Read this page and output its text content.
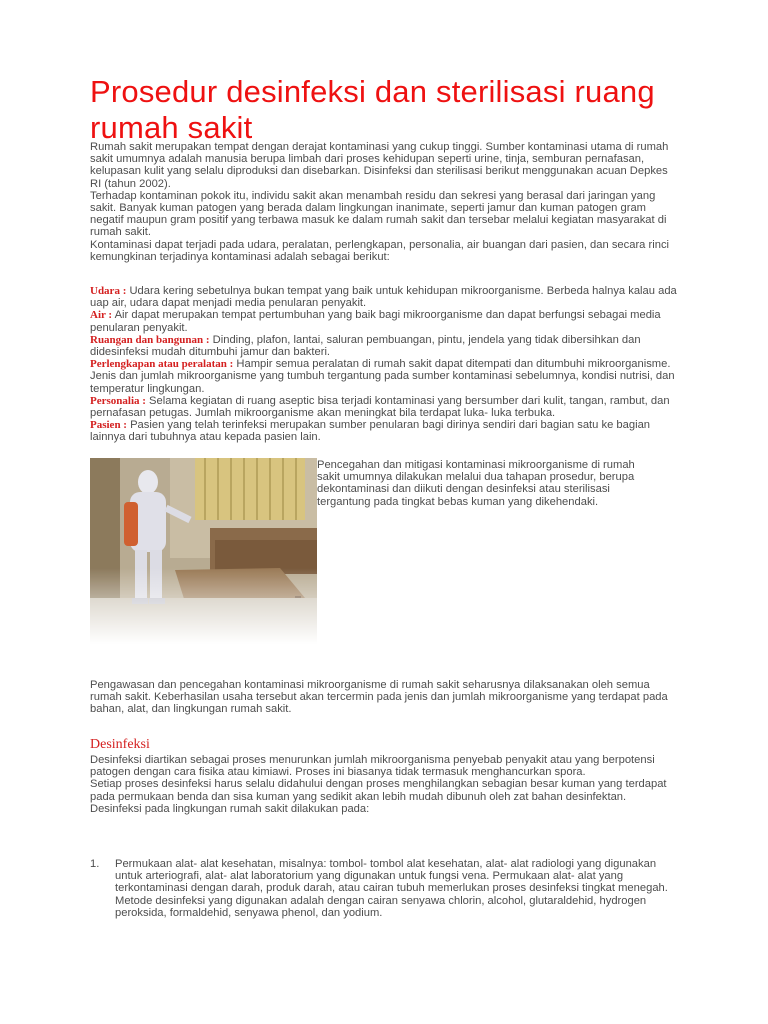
Prosedur desinfeksi dan sterilisasi ruang rumah sakit

Rumah sakit merupakan tempat dengan derajat kontaminasi yang cukup tinggi. Sumber kontaminasi utama di rumah sakit umumnya adalah manusia berupa limbah dari proses kehidupan seperti urine, tinja, semburan pernafasan, kelupasan kulit yang selalu diproduksi dan disebarkan. Disinfeksi dan sterilisasi berikut menggunakan acuan Depkes RI (tahun 2002).

Terhadap kontaminan pokok itu, individu sakit akan menambah residu dan sekresi yang berasal dari jaringan yang sakit. Banyak kuman patogen yang berada dalam lingkungan inanimate, seperti jamur dan kuman patogen gram negatif maupun gram positif yang terbawa masuk ke dalam rumah sakit dan tersebar melalui kegiatan masyarakat di rumah sakit.

Kontaminasi dapat terjadi pada udara, peralatan, perlengkapan, personalia, air buangan dari pasien, dan secara rinci kemungkinan terjadinya kontaminasi adalah sebagai berikut:

Udara : Udara kering sebetulnya bukan tempat yang baik untuk kehidupan mikroorganisme. Berbeda halnya kalau ada uap air, udara dapat menjadi media penularan penyakit.

Air : Air dapat merupakan tempat pertumbuhan yang baik bagi mikroorganisme dan dapat berfungsi sebagai media penularan penyakit.

Ruangan dan bangunan : Dinding, plafon, lantai, saluran pembuangan, pintu, jendela yang tidak dibersihkan dan didesinfeksi mudah ditumbuhi jamur dan bakteri.

Perlengkapan atau peralatan : Hampir semua peralatan di rumah sakit dapat ditempati dan ditumbuhi mikroorganisme. Jenis dan jumlah mikroorganisme yang tumbuh tergantung pada sumber kontaminasi sebelumnya, kondisi nutrisi, dan temperatur lingkungan.

Personalia : Selama kegiatan di ruang aseptic bisa terjadi kontaminasi yang bersumber dari kulit, tangan, rambut, dan pernafasan petugas. Jumlah mikroorganisme akan meningkat bila terdapat luka- luka terbuka.

Pasien : Pasien yang telah terinfeksi merupakan sumber penularan bagi dirinya sendiri dari bagian satu ke bagian lainnya dari tubuhnya atau kepada pasien lain.

Pencegahan dan mitigasi kontaminasi mikroorganisme di rumah sakit umumnya dilakukan melalui dua tahapan prosedur, berupa dekontaminasi dan diikuti dengan desinfeksi atau sterilisasi tergantung pada tingkat bebas kuman yang dikehendaki.

Pengawasan dan pencegahan kontaminasi mikroorganisme di rumah sakit seharusnya dilaksanakan oleh semua rumah sakit. Keberhasilan usaha tersebut akan tercermin pada jenis dan jumlah mikroorganisme yang terdapat pada bahan, alat, dan lingkungan rumah sakit.

Desinfeksi

Desinfeksi diartikan sebagai proses menurunkan jumlah mikroorganisma penyebab penyakit atau yang berpotensi patogen dengan cara fisika atau kimiawi. Proses ini biasanya tidak termasuk menghancurkan spora.

Setiap proses desinfeksi harus selalu didahului dengan proses menghilangkan sebagian besar kuman yang terdapat pada permukaan benda dan sisa kuman yang sedikit akan lebih mudah dibunuh oleh zat bahan desinfektan.

Desinfeksi pada lingkungan rumah sakit dilakukan pada:

1. Permukaan alat- alat kesehatan, misalnya: tombol- tombol alat kesehatan, alat- alat radiologi yang digunakan untuk arteriografi, alat- alat laboratorium yang digunakan untuk fungsi vena. Permukaan alat- alat yang terkontaminasi dengan darah, produk darah, atau cairan tubuh memerlukan proses desinfeksi tingkat menegah. Metode desinfeksi yang digunakan adalah dengan cairan senyawa chlorin, alcohol, glutaraldehid, hydrogen peroksida, formaldehid, senyawa phenol, dan yodium.
